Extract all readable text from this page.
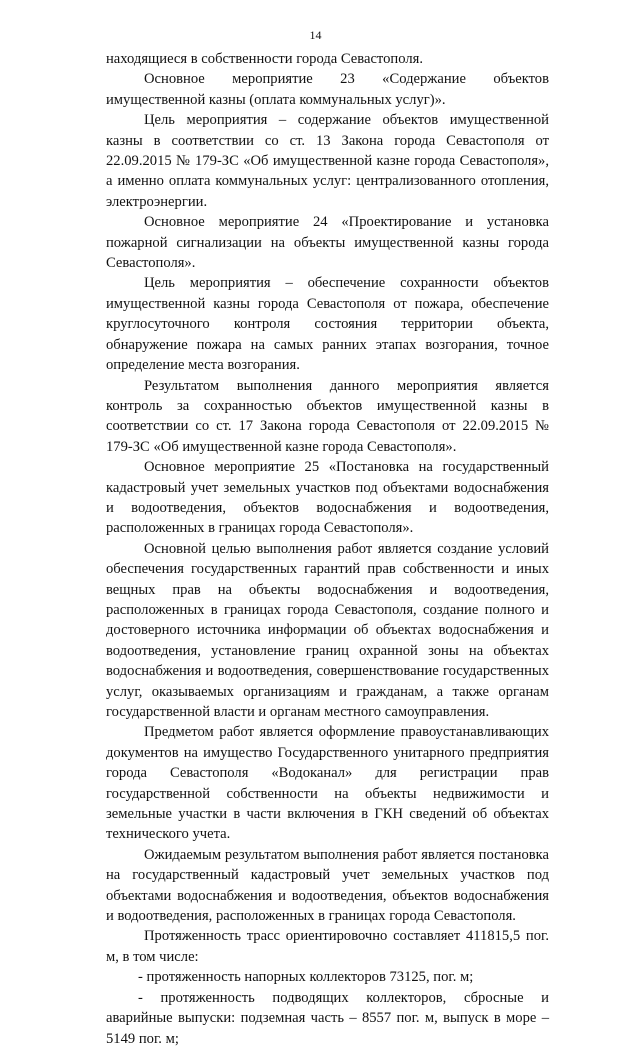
14

находящиеся в собственности города Севастополя.

Основное мероприятие 23 «Содержание объектов имущественной казны (оплата коммунальных услуг)».

Цель мероприятия – содержание объектов имущественной казны в соответствии со ст. 13 Закона города Севастополя от 22.09.2015 № 179-ЗС «Об имущественной казне города Севастополя», а именно оплата коммунальных услуг: централизованного отопления, электроэнергии.

Основное мероприятие 24 «Проектирование и установка пожарной сигнализации на объекты имущественной казны города Севастополя».

Цель мероприятия – обеспечение сохранности объектов имущественной казны города Севастополя от пожара, обеспечение круглосуточного контроля состояния территории объекта, обнаружение пожара на самых ранних этапах возгорания, точное определение места возгорания.

Результатом выполнения данного мероприятия является контроль за сохранностью объектов имущественной казны в соответствии со ст. 17 Закона города Севастополя от 22.09.2015 № 179-ЗС «Об имущественной казне города Севастополя».

Основное мероприятие 25 «Постановка на государственный кадастровый учет земельных участков под объектами водоснабжения и водоотведения, объектов водоснабжения и водоотведения, расположенных в границах города Севастополя».

Основной целью выполнения работ является создание условий обеспечения государственных гарантий прав собственности и иных вещных прав на объекты водоснабжения и водоотведения, расположенных в границах города Севастополя, создание полного и достоверного источника информации об объектах водоснабжения и водоотведения, установление границ охранной зоны на объектах водоснабжения и водоотведения, совершенствование государственных услуг, оказываемых организациям и гражданам, а также органам государственной власти и органам местного самоуправления.

Предметом работ является оформление правоустанавливающих документов на имущество Государственного унитарного предприятия города Севастополя «Водоканал» для регистрации прав государственной собственности на объекты недвижимости и земельные участки в части включения в ГКН сведений об объектах технического учета.

Ожидаемым результатом выполнения работ является постановка на государственный кадастровый учет земельных участков под объектами водоснабжения и водоотведения, объектов водоснабжения и водоотведения, расположенных в границах города Севастополя.

Протяженность трасс ориентировочно составляет 411815,5 пог. м, в том числе:

- протяженность напорных коллекторов 73125, пог. м;

- протяженность подводящих коллекторов, сбросные и аварийные выпуски: подземная часть – 8557 пог. м, выпуск в море – 5149 пог. м;
